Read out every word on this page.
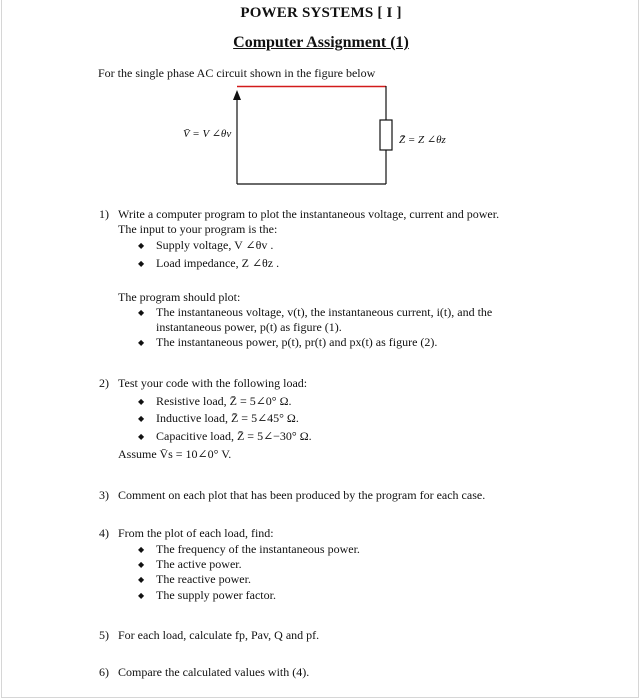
POWER SYSTEMS [ I ]
Computer Assignment (1)
For the single phase AC circuit shown in the figure below
V̄ = V ∠θv	Z̄ = Z ∠θz
1) Write a computer program to plot the instantaneous voltage, current and power.
The input to your program is the:
◆ Supply voltage, V ∠θv .
◆ Load impedance, Z ∠θz .
The program should plot:
◆ The instantaneous voltage, v(t), the instantaneous current, i(t), and the instantaneous power, p(t) as figure (1).
◆ The instantaneous power, p(t), pr(t) and px(t) as figure (2).
2) Test your code with the following load:
◆ Resistive load, Z̄ = 5∠0° Ω.
◆ Inductive load, Z̄ = 5∠45° Ω.
◆ Capacitive load, Z̄ = 5∠−30° Ω.
Assume V̄s = 10∠0° V.
3) Comment on each plot that has been produced by the program for each case.
4) From the plot of each load, find:
◆ The frequency of the instantaneous power.
◆ The active power.
◆ The reactive power.
◆ The supply power factor.
5) For each load, calculate fp, Pav, Q and pf.
6) Compare the calculated values with (4).
